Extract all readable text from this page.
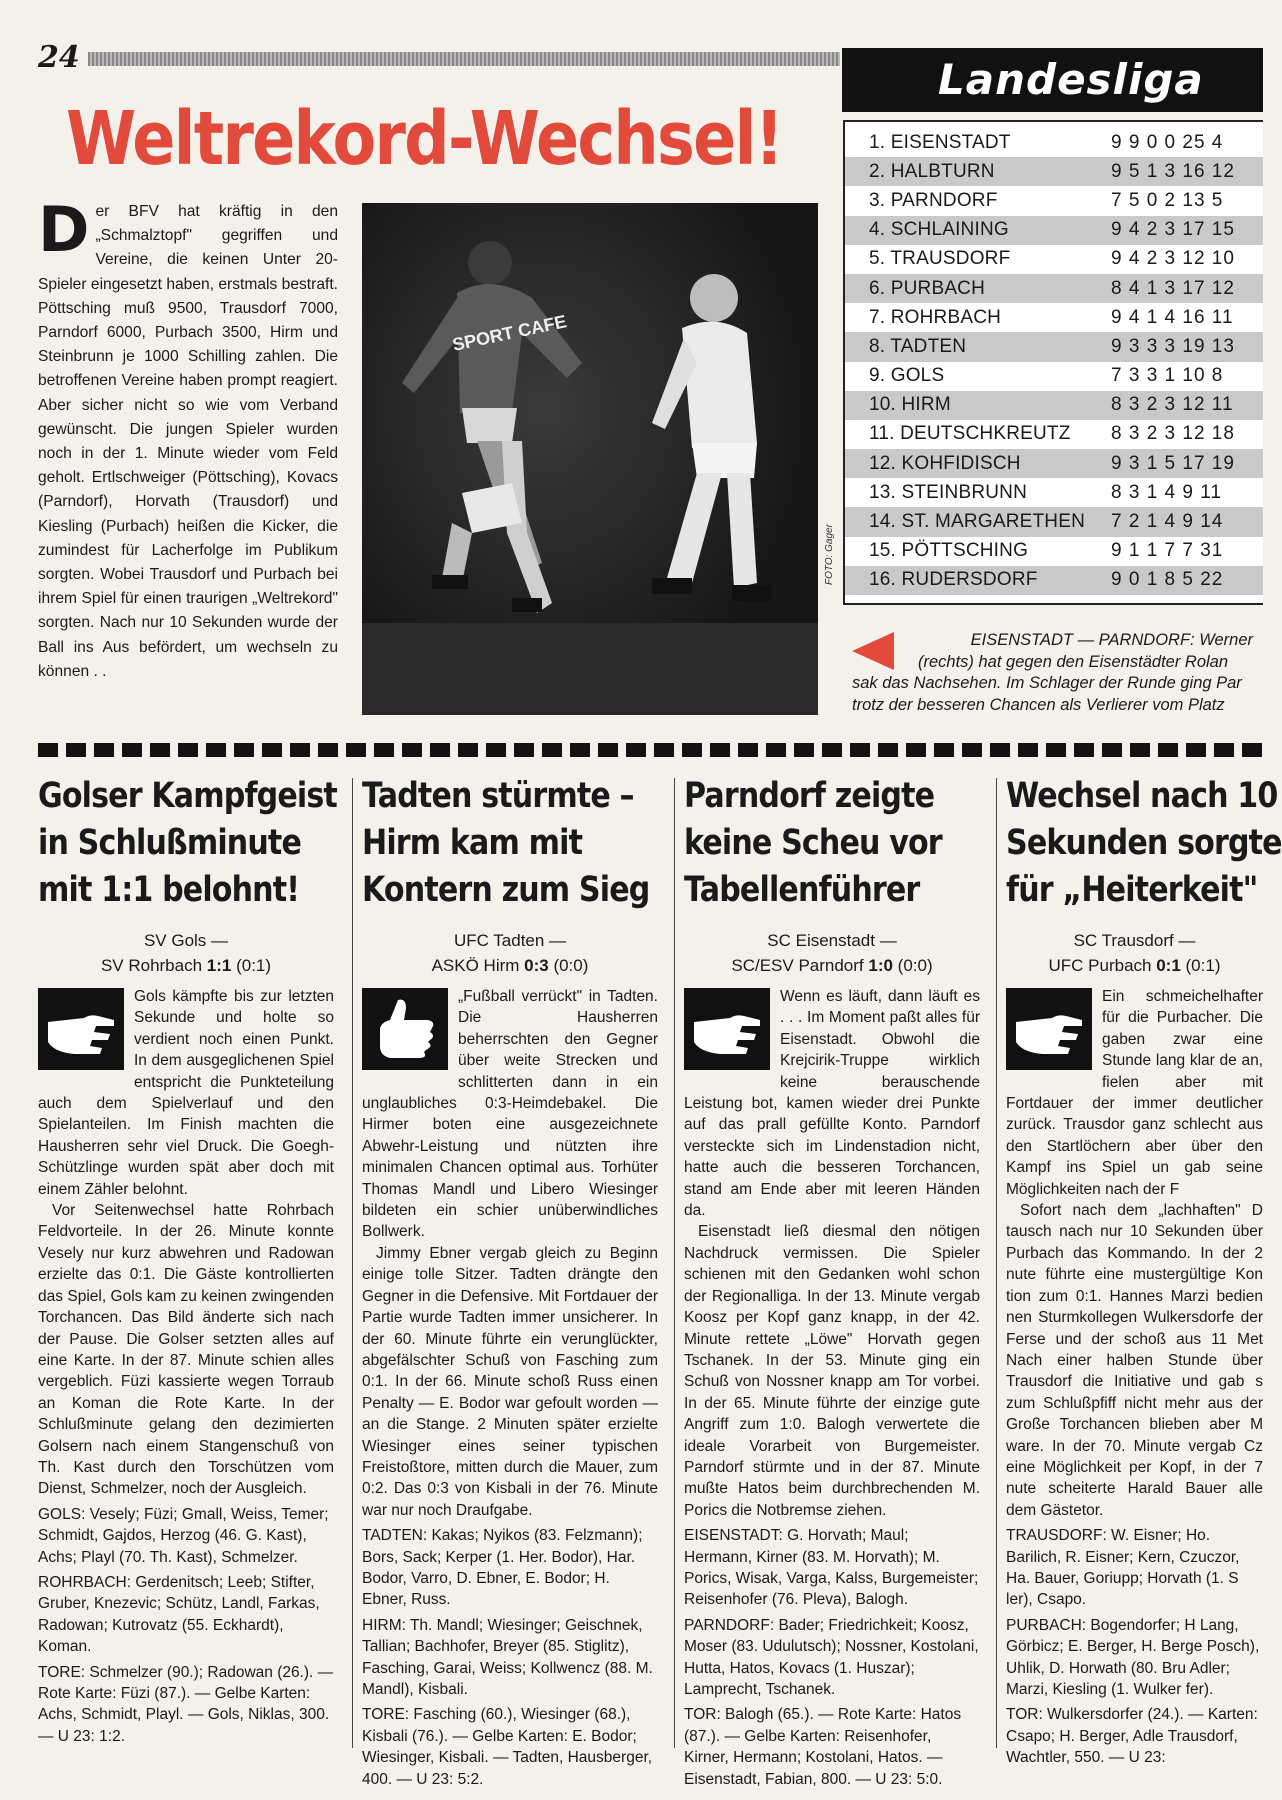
24	Landesliga
Weltrekord-Wechsel!
D er BFV hat kräftig in den „Schmalztopf" gegriffen und Vereine, die keinen Unter 20-Spieler eingesetzt haben, erstmals bestraft. Pöttsching muß 9500, Trausdorf 7000, Parndorf 6000, Purbach 3500, Hirm und Steinbrunn je 1000 Schilling zahlen. Die betroffenen Vereine haben prompt reagiert. Aber sicher nicht so wie vom Verband gewünscht. Die jungen Spieler wurden noch in der 1. Minute wieder vom Feld geholt. Ertlschweiger (Pöttsching), Kovacs (Parndorf), Horvath (Trausdorf) und Kiesling (Purbach) heißen die Kicker, die zumindest für Lacherfolge im Publikum sorgten. Wobei Trausdorf und Purbach bei ihrem Spiel für einen traurigen „Weltrekord" sorgten. Nach nur 10 Sekunden wurde der Ball ins Aus befördert, um wechseln zu können . .
SPORT CAFE
FOTO: Gager
1. EISENSTADT	9 9 0 0 25 4
2. HALBTURN	9 5 1 3 16 12
3. PARNDORF	7 5 0 2 13 5
4. SCHLAINING	9 4 2 3 17 15
5. TRAUSDORF	9 4 2 3 12 10
6. PURBACH	8 4 1 3 17 12
7. ROHRBACH	9 4 1 4 16 11
8. TADTEN	9 3 3 3 19 13
9. GOLS	7 3 3 1 10 8
10. HIRM	8 3 2 3 12 11
11. DEUTSCHKREUTZ	8 3 2 3 12 18
12. KOHFIDISCH	9 3 1 5 17 19
13. STEINBRUNN	8 3 1 4 9 11
14. ST. MARGARETHEN	7 2 1 4 9 14
15. PÖTTSCHING	9 1 1 7 7 31
16. RUDERSDORF	9 0 1 8 5 22
EISENSTADT — PARNDORF: Werner
(rechts) hat gegen den Eisenstädter Rolan
sak das Nachsehen. Im Schlager der Runde ging Par
trotz der besseren Chancen als Verlierer vom Platz
Golser Kampfgeist
in Schlußminute
mit 1:1 belohnt!
SV Gols —
SV Rohrbach 1:1 (0:1)
Gols kämpfte bis zur letzten Sekunde und holte so verdient noch einen Punkt. In dem ausgeglichenen Spiel entspricht die Punkteteilung auch dem Spielverlauf und den Spielanteilen. Im Finish machten die Hausherren sehr viel Druck. Die Goegh-Schützlinge wurden spät aber doch mit einem Zähler belohnt.
Vor Seitenwechsel hatte Rohrbach Feldvorteile. In der 26. Minute konnte Vesely nur kurz abwehren und Radowan erzielte das 0:1. Die Gäste kontrollierten das Spiel, Gols kam zu keinen zwingenden Torchancen. Das Bild änderte sich nach der Pause. Die Golser setzten alles auf eine Karte. In der 87. Minute schien alles vergeblich. Füzi kassierte wegen Torraub an Koman die Rote Karte. In der Schlußminute gelang den dezimierten Golsern nach einem Stangenschuß von Th. Kast durch den Torschützen vom Dienst, Schmelzer, noch der Ausgleich.
GOLS: Vesely; Füzi; Gmall, Weiss, Temer; Schmidt, Gajdos, Herzog (46. G. Kast), Achs; Playl (70. Th. Kast), Schmelzer.
ROHRBACH: Gerdenitsch; Leeb; Stifter, Gruber, Knezevic; Schütz, Landl, Farkas, Radowan; Kutrovatz (55. Eckhardt), Koman.
TORE: Schmelzer (90.); Radowan (26.). — Rote Karte: Füzi (87.). — Gelbe Karten: Achs, Schmidt, Playl. — Gols, Niklas, 300. — U 23: 1:2.
Tadten stürmte –
Hirm kam mit
Kontern zum Sieg
UFC Tadten —
ASKÖ Hirm 0:3 (0:0)
„Fußball verrückt" in Tadten. Die Hausherren beherrschten den Gegner über weite Strecken und schlitterten dann in ein unglaubliches 0:3-Heimdebakel. Die Hirmer boten eine ausgezeichnete Abwehr-Leistung und nützten ihre minimalen Chancen optimal aus. Torhüter Thomas Mandl und Libero Wiesinger bildeten ein schier unüberwindliches Bollwerk.
Jimmy Ebner vergab gleich zu Beginn einige tolle Sitzer. Tadten drängte den Gegner in die Defensive. Mit Fortdauer der Partie wurde Tadten immer unsicherer. In der 60. Minute führte ein verunglückter, abgefälschter Schuß von Fasching zum 0:1. In der 66. Minute schoß Russ einen Penalty — E. Bodor war gefoult worden — an die Stange. 2 Minuten später erzielte Wiesinger eines seiner typischen Freistoßtore, mitten durch die Mauer, zum 0:2. Das 0:3 von Kisbali in der 76. Minute war nur noch Draufgabe.
TADTEN: Kakas; Nyikos (83. Felzmann); Bors, Sack; Kerper (1. Her. Bodor), Har. Bodor, Varro, D. Ebner, E. Bodor; H. Ebner, Russ.
HIRM: Th. Mandl; Wiesinger; Geischnek, Tallian; Bachhofer, Breyer (85. Stiglitz), Fasching, Garai, Weiss; Kollwencz (88. M. Mandl), Kisbali.
TORE: Fasching (60.), Wiesinger (68.), Kisbali (76.). — Gelbe Karten: E. Bodor; Wiesinger, Kisbali. — Tadten, Hausberger, 400. — U 23: 5:2.
Parndorf zeigte
keine Scheu vor
Tabellenführer
SC Eisenstadt —
SC/ESV Parndorf 1:0 (0:0)
Wenn es läuft, dann läuft es . . . Im Moment paßt alles für Eisenstadt. Obwohl die Krejcirik-Truppe wirklich keine berauschende Leistung bot, kamen wieder drei Punkte auf das prall gefüllte Konto. Parndorf versteckte sich im Lindenstadion nicht, hatte auch die besseren Torchancen, stand am Ende aber mit leeren Händen da.
Eisenstadt ließ diesmal den nötigen Nachdruck vermissen. Die Spieler schienen mit den Gedanken wohl schon der Regionalliga. In der 13. Minute vergab Koosz per Kopf ganz knapp, in der 42. Minute rettete „Löwe" Horvath gegen Tschanek. In der 53. Minute ging ein Schuß von Nossner knapp am Tor vorbei. In der 65. Minute führte der einzige gute Angriff zum 1:0. Balogh verwertete die ideale Vorarbeit von Burgemeister. Parndorf stürmte und in der 87. Minute mußte Hatos beim durchbrechenden M. Porics die Notbremse ziehen.
EISENSTADT: G. Horvath; Maul; Hermann, Kirner (83. M. Horvath); M. Porics, Wisak, Varga, Kalss, Burgemeister; Reisenhofer (76. Pleva), Balogh.
PARNDORF: Bader; Friedrichkeit; Koosz, Moser (83. Udulutsch); Nossner, Kostolani, Hutta, Hatos, Kovacs (1. Huszar); Lamprecht, Tschanek.
TOR: Balogh (65.). — Rote Karte: Hatos (87.). — Gelbe Karten: Reisenhofer, Kirner, Hermann; Kostolani, Hatos. — Eisenstadt, Fabian, 800. — U 23: 5:0.
Wechsel nach 10
Sekunden sorgte
für „Heiterkeit"
SC Trausdorf —
UFC Purbach 0:1 (0:1)
Ein schmeichelhafter für die Purbacher. Die gaben zwar eine Stunde lang klar de an, fielen aber mit Fortdauer der immer deutlicher zurück. Trausdor ganz schlecht aus den Startlöchern aber über den Kampf ins Spiel un gab seine Möglichkeiten nach der F
Sofort nach dem „lachhaften" D tausch nach nur 10 Sekunden über Purbach das Kommando. In der 2 nute führte eine mustergültige Kon tion zum 0:1. Hannes Marzi bedien nen Sturmkollegen Wulkersdorfe der Ferse und der schoß aus 11 Met Nach einer halben Stunde über Trausdorf die Initiative und gab s zum Schlußpfiff nicht mehr aus der Große Torchancen blieben aber M ware. In der 70. Minute vergab Cz eine Möglichkeit per Kopf, in der 7 nute scheiterte Harald Bauer alle dem Gästetor.
TRAUSDORF: W. Eisner; Ho. Barilich, R. Eisner; Kern, Czuczor, Ha. Bauer, Goriupp; Horvath (1. S ler), Csapo.
PURBACH: Bogendorfer; H Lang, Görbicz; E. Berger, H. Berge Posch), Uhlik, D. Horwath (80. Bru Adler; Marzi, Kiesling (1. Wulker fer).
TOR: Wulkersdorfer (24.). — Karten: Csapo; H. Berger, Adle Trausdorf, Wachtler, 550. — U 23:
